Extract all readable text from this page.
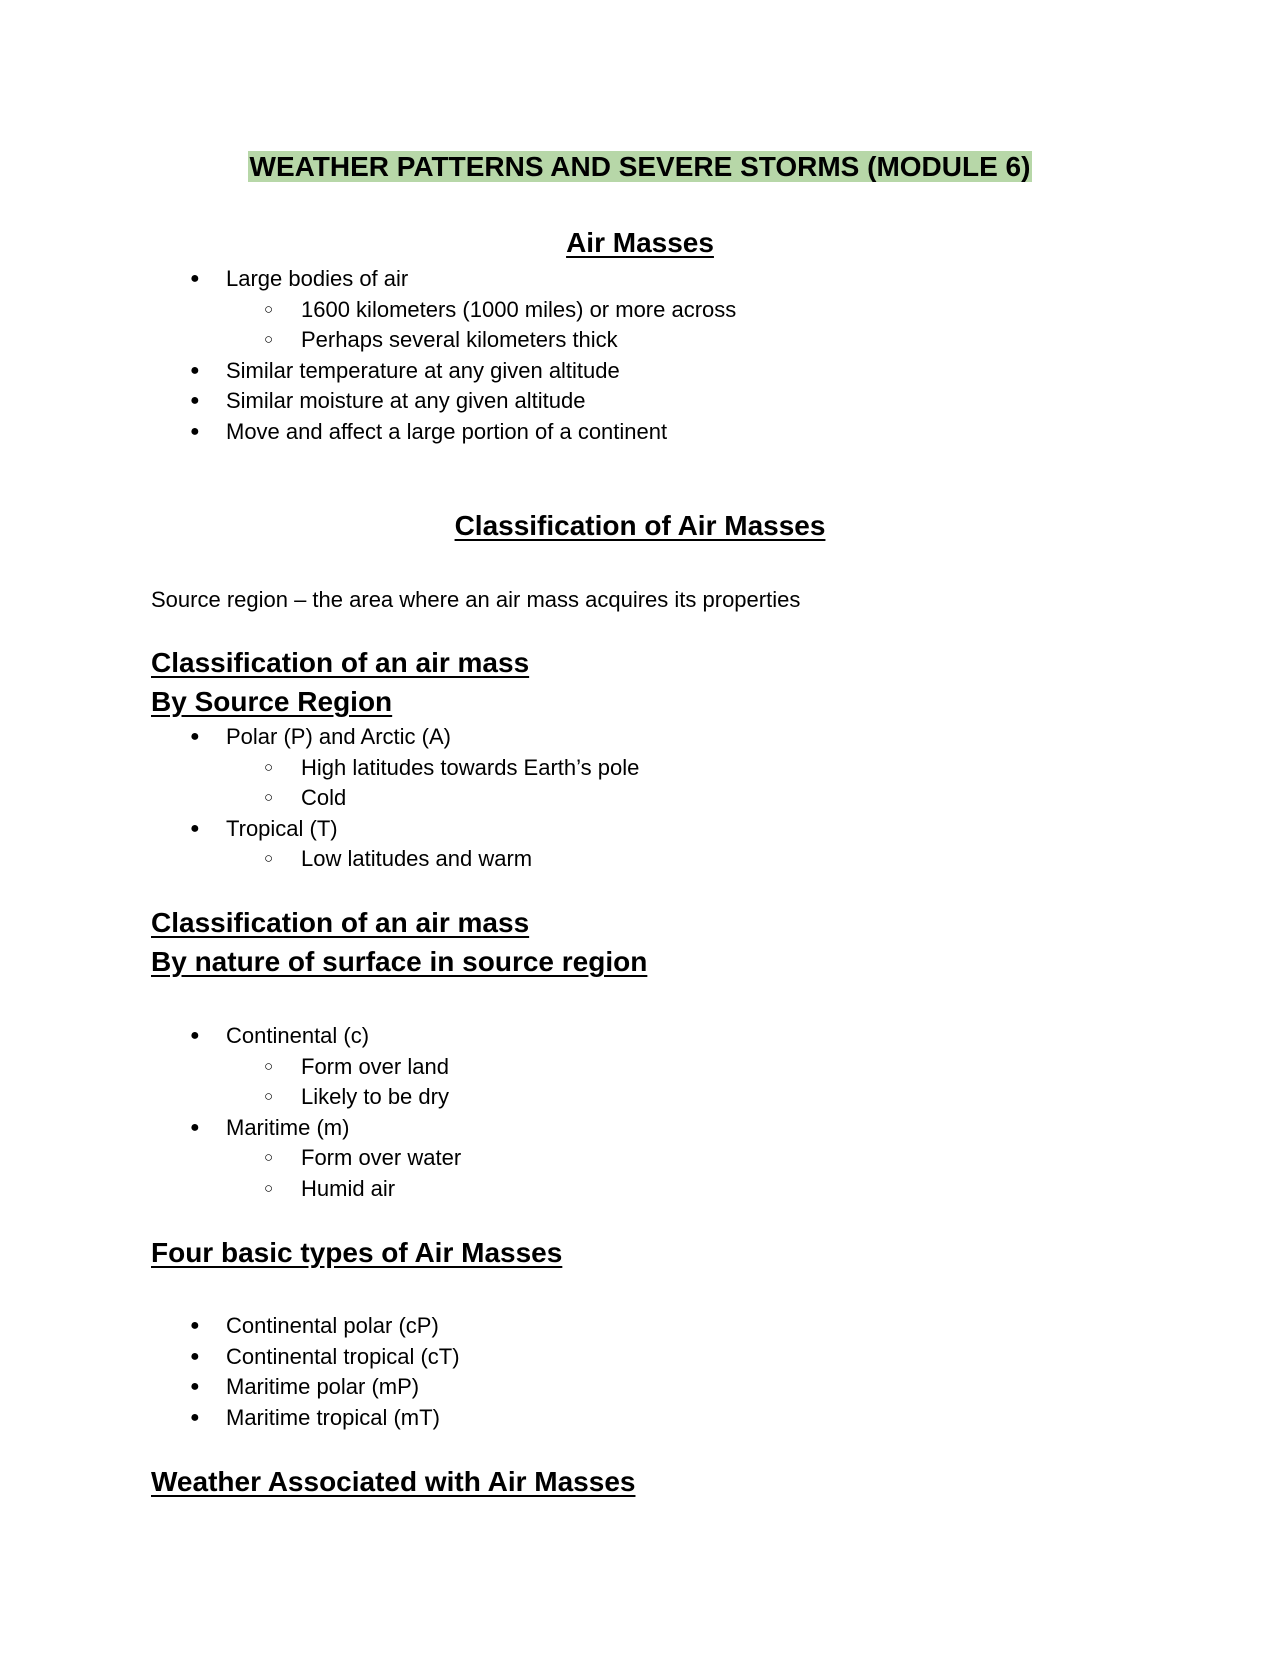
WEATHER PATTERNS AND SEVERE STORMS (MODULE 6)
Air Masses
● Large bodies of air
○ 1600 kilometers (1000 miles) or more across
○ Perhaps several kilometers thick
● Similar temperature at any given altitude
● Similar moisture at any given altitude
● Move and affect a large portion of a continent
Classification of Air Masses

Source region – the area where an air mass acquires its properties

Classification of an air mass
By Source Region
● Polar (P) and Arctic (A)
○ High latitudes towards Earth’s pole
○ Cold
● Tropical (T)
○ Low latitudes and warm
Classification of an air mass
By nature of surface in source region
● Continental (c)
○ Form over land
○ Likely to be dry
● Maritime (m)
○ Form over water
○ Humid air
Four basic types of Air Masses
● Continental polar (cP)
● Continental tropical (cT)
● Maritime polar (mP)
● Maritime tropical (mT)
Weather Associated with Air Masses
